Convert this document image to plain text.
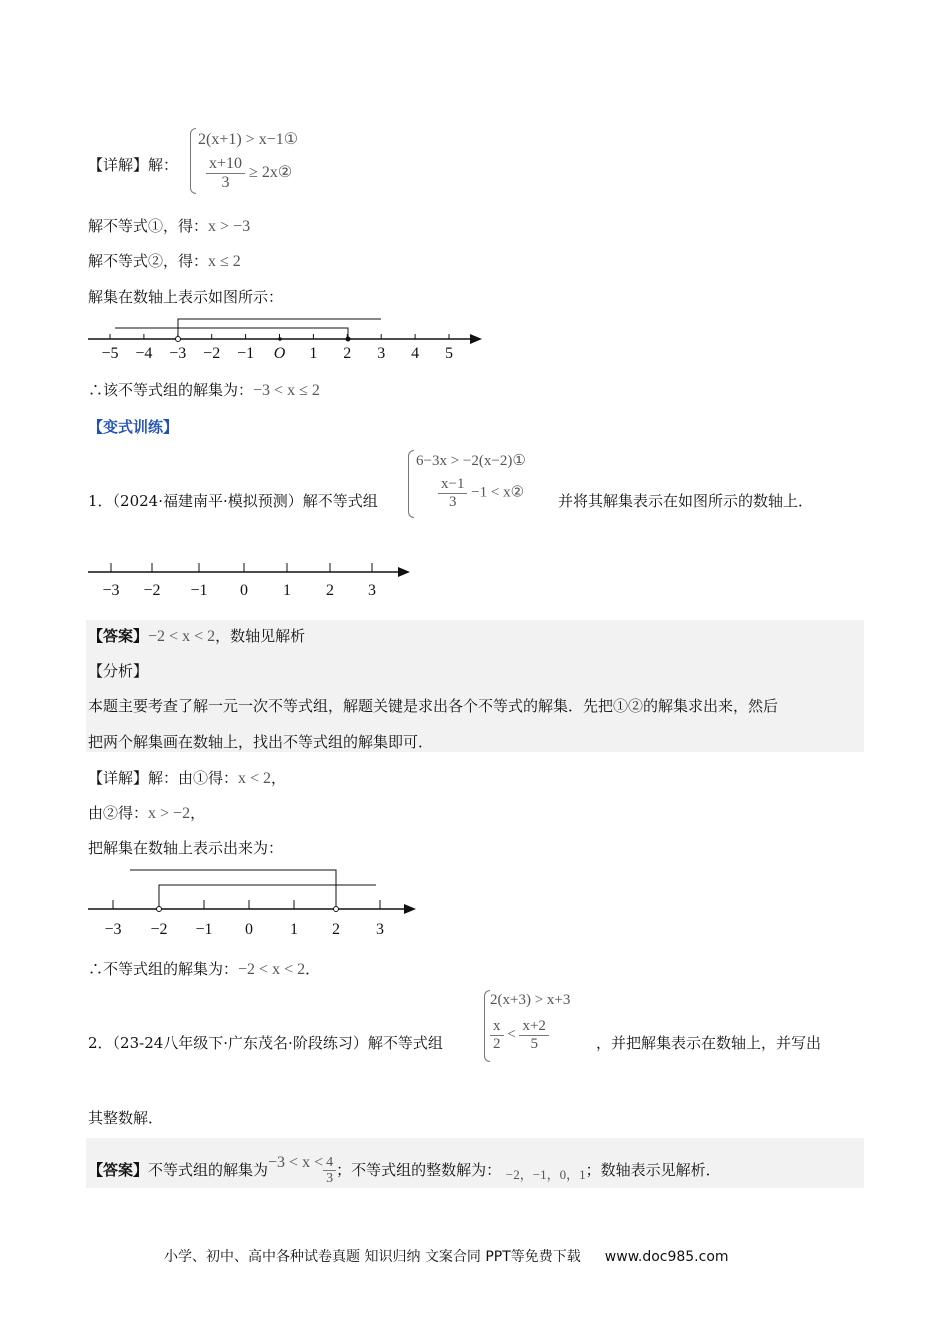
【详解】解：
2(x+1) > x−1①
$\frac{x+10}{3}$ ≥ 2x②
解不等式①，得：x > −3
解不等式②，得：x ≤ 2
解集在数轴上表示如图所示：
−5 −4 −3 −2 −1 O 1 2 3 4 5
∴该不等式组的解集为：−3 < x ≤ 2
【变式训练】
1．（2024·福建南平·模拟预测）解不等式组
6−3x > −2(x−2)①
$\frac{x-1}{3} -1$ < x② 并将其解集表示在如图所示的数轴上．
−3 −2 −1 0 1 2 3
【答案】−2 < x < 2，数轴见解析
【分析】
本题主要考查了解一元一次不等式组，解题关键是求出各个不等式的解集．先把①②的解集求出来，然后
把两个解集画在数轴上，找出不等式组的解集即可．
【详解】解：由①得：x < 2，
由②得：x > −2，
把解集在数轴上表示出来为：
−3 −2 −1 0 1 2 3
∴不等式组的解集为：−2 < x < 2．
2．（23-24八年级下·广东茂名·阶段练习）解不等式组
2(x+3) > x+3
$\frac{x}{2} < \frac{x+2}{5}$	，并把解集表示在数轴上，并写出
其整数解．
【答案】不等式组的解集为$-3 < x < \frac{4}{3}$ ；不等式组的整数解为： −2，−1，0，1；数轴表示见解析．
小学、初中、高中各种试卷真题 知识归纳 文案合同 PPT等免费下载 www.doc985.com
